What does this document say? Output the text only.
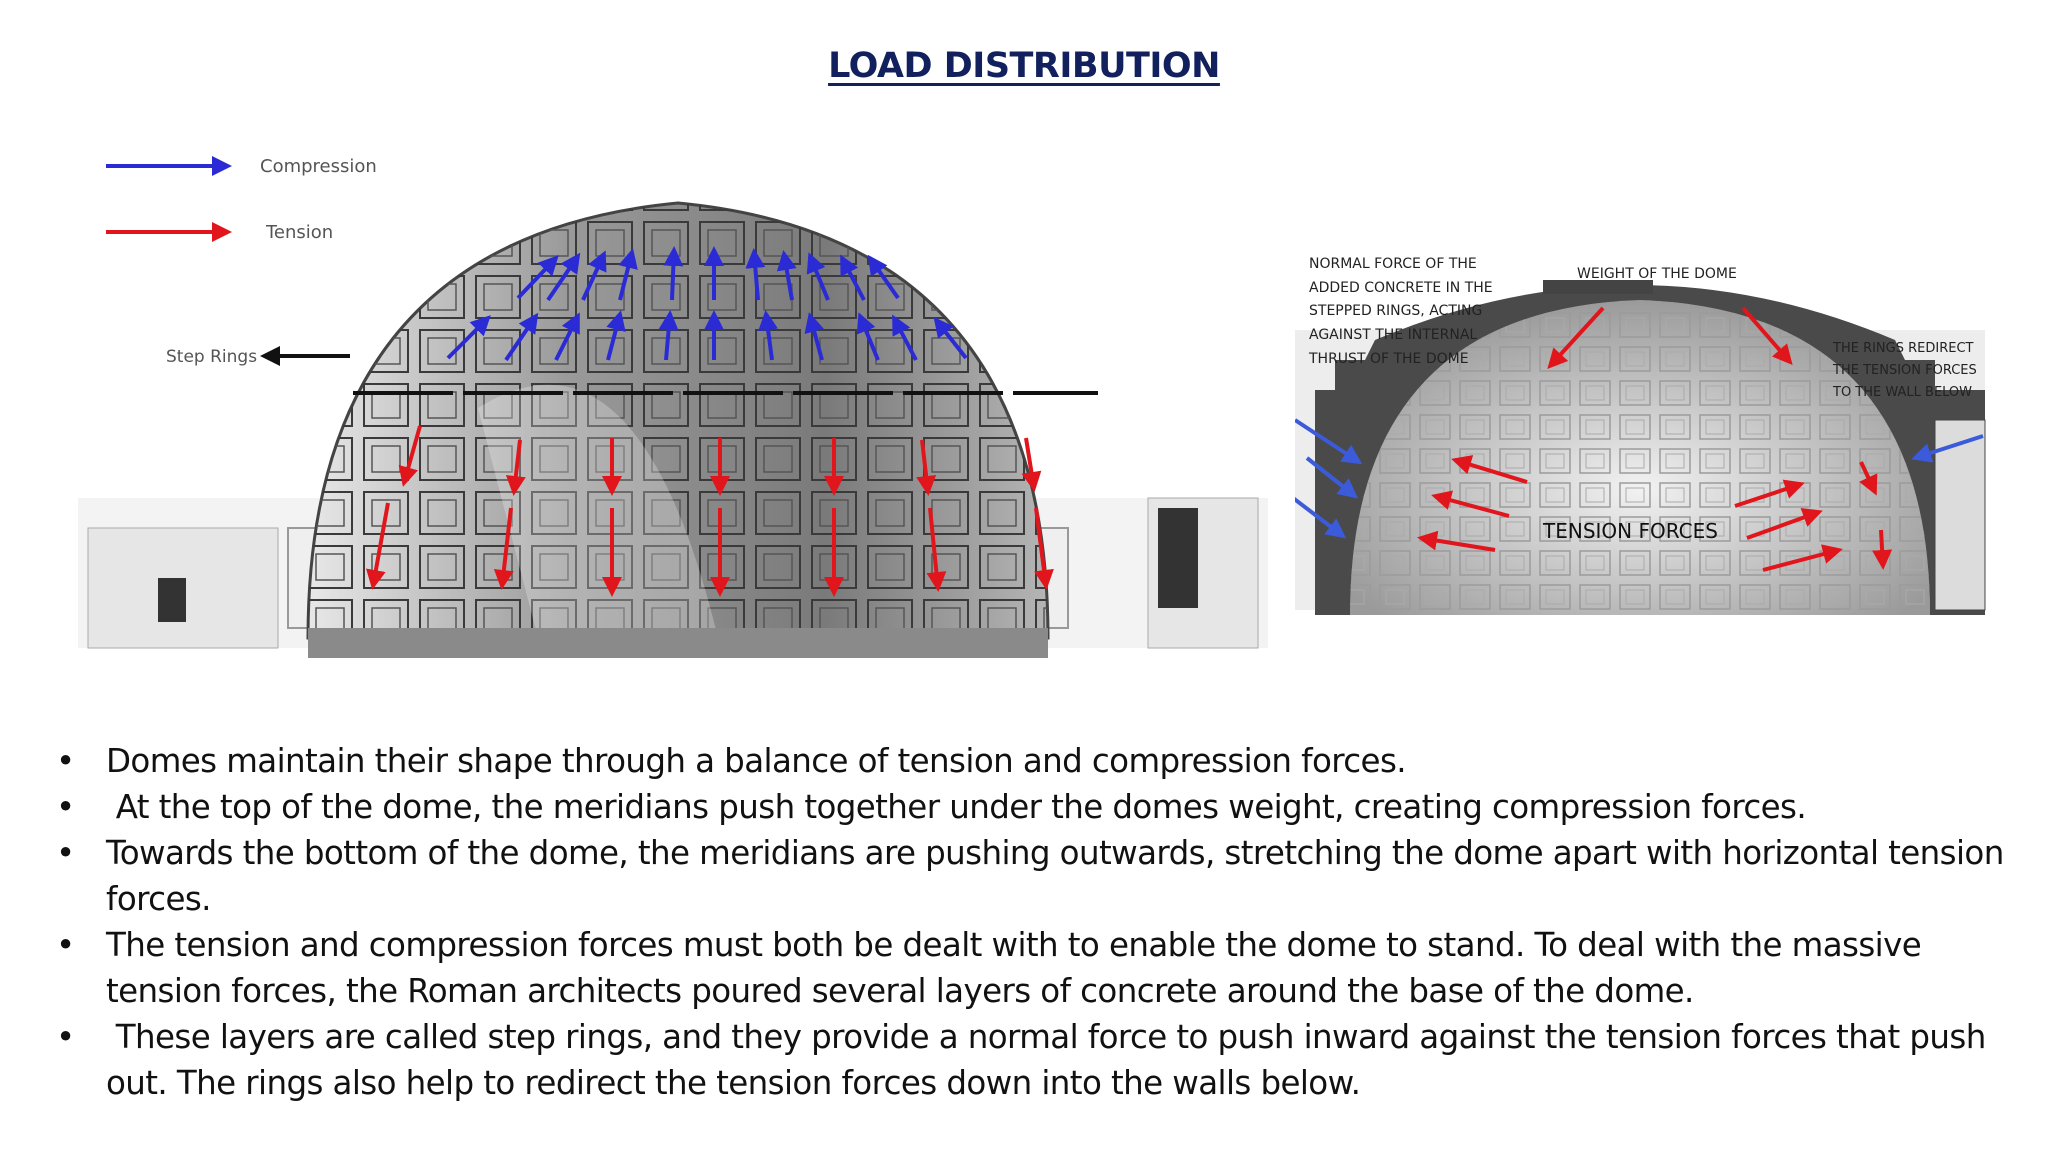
LOAD DISTRIBUTION
Compression
Tension
Step Rings
NORMAL FORCE OF THE
ADDED CONCRETE IN THE
STEPPED RINGS, ACTING
AGAINST THE INTERNAL
THRUST OF THE DOME
WEIGHT OF THE DOME
THE RINGS REDIRECT
THE TENSION FORCES
TO THE WALL BELOW
TENSION FORCES
• Domes maintain their shape through a balance of tension and compression forces.
• At the top of the dome, the meridians push together under the domes weight, creating compression forces.
• Towards the bottom of the dome, the meridians are pushing outwards, stretching the dome apart with horizontal tension forces.
• The tension and compression forces must both be dealt with to enable the dome to stand. To deal with the massive tension forces, the Roman architects poured several layers of concrete around the base of the dome.
• These layers are called step rings, and they provide a normal force to push inward against the tension forces that push out. The rings also help to redirect the tension forces down into the walls below.
